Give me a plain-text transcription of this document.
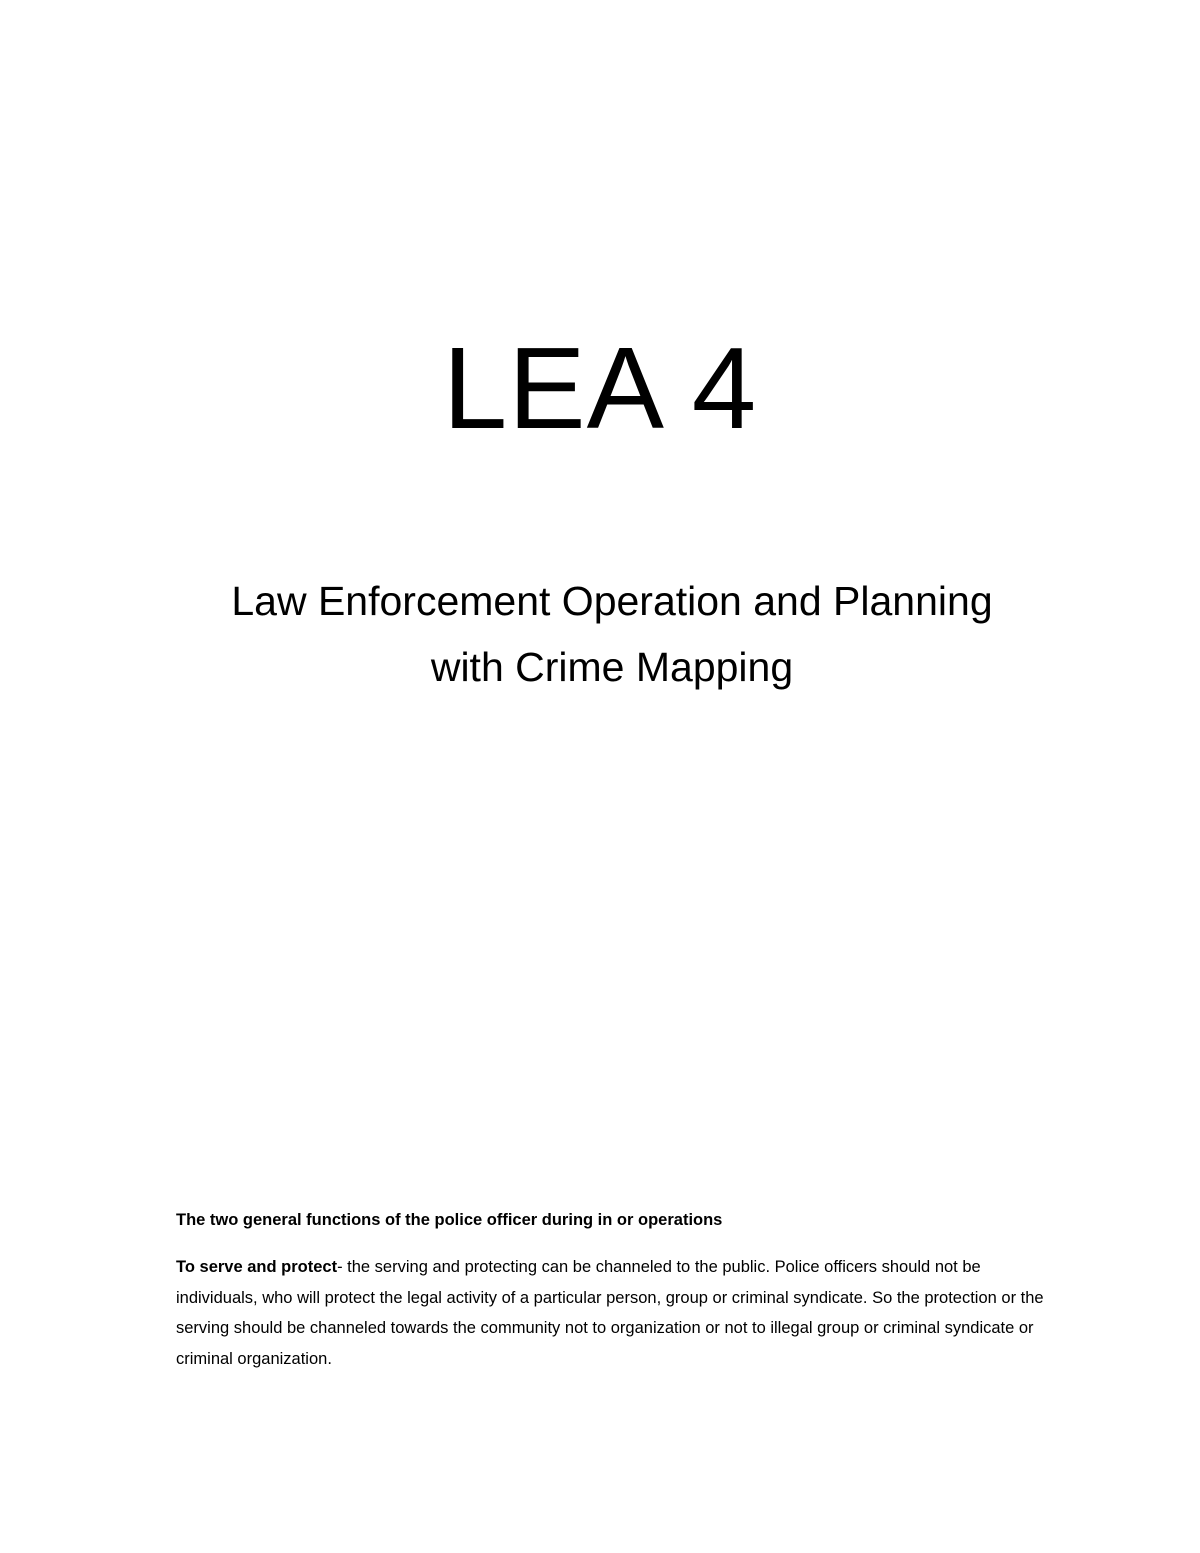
LEA 4
Law Enforcement Operation and Planning
with Crime Mapping

The two general functions of the police officer during in or operations

To serve and protect- the serving and protecting can be channeled to the public. Police officers should not be individuals, who will protect the legal activity of a particular person, group or criminal syndicate. So the protection or the serving should be channeled towards the community not to organization or not to illegal group or criminal syndicate or criminal organization.
